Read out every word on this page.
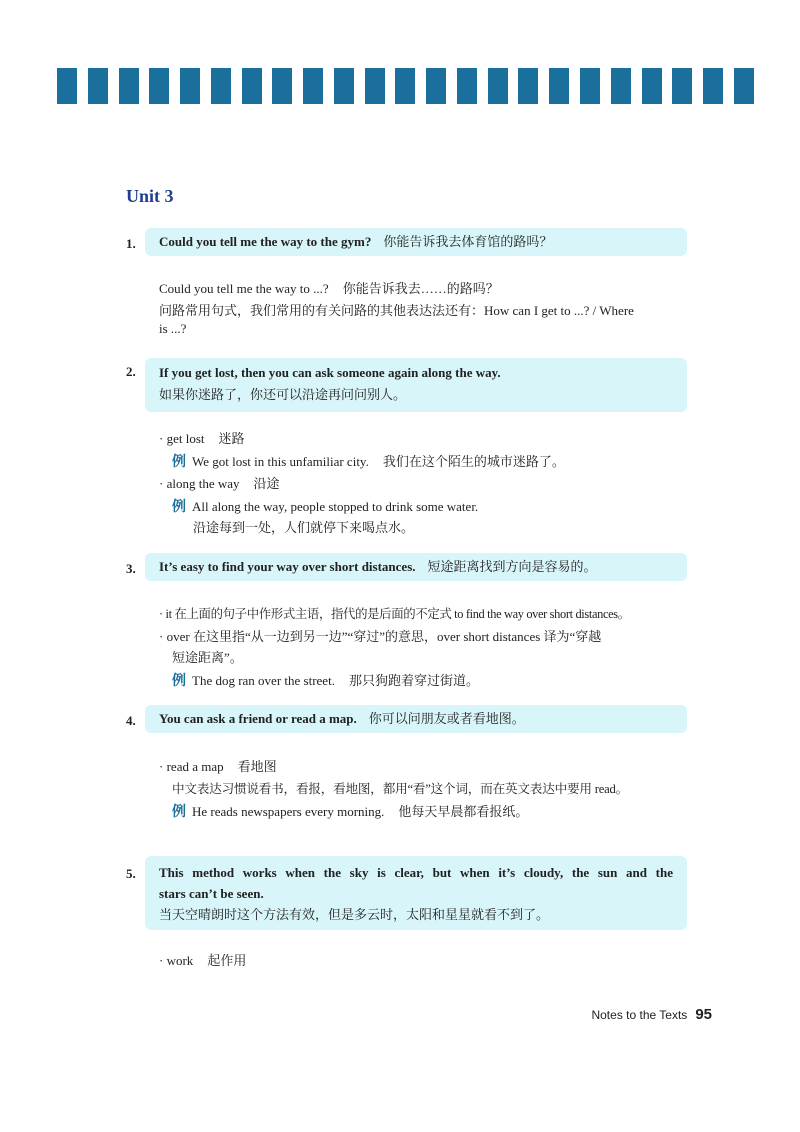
Unit 3
1.	Could you tell me the way to the gym? 你能告诉我去体育馆的路吗？
Could you tell me the way to ...? 你能告诉我去……的路吗？
问路常用句式，我们常用的有关问路的其他表达法还有：How can I get to ...? / Where
is ...?
2. If you get lost, then you can ask someone again along the way.
如果你迷路了，你还可以沿途再问问别人。
· get lost 迷路
例 We got lost in this unfamiliar city. 我们在这个陌生的城市迷路了。
· along the way 沿途
例 All along the way, people stopped to drink some water.
沿途每到一处，人们就停下来喝点水。
3.	It’s easy to find your way over short distances. 短途距离找到方向是容易的。
· it 在上面的句子中作形式主语，指代的是后面的不定式 to find the way over short distances。
· over 在这里指“从一边到另一边”“穿过”的意思，over short distances 译为“穿越
短途距离”。
例 The dog ran over the street. 那只狗跑着穿过街道。
4.	You can ask a friend or read a map. 你可以问朋友或者看地图。
· read a map 看地图
中文表达习惯说看书，看报，看地图，都用“看”这个词，而在英文表达中要用 read。
例 He reads newspapers every morning. 他每天早晨都看报纸。
5. This method works when the sky is clear, but when it’s cloudy, the sun and the
stars can’t be seen.
当天空晴朗时这个方法有效，但是多云时，太阳和星星就看不到了。
· work 起作用
Notes to the Texts 95
